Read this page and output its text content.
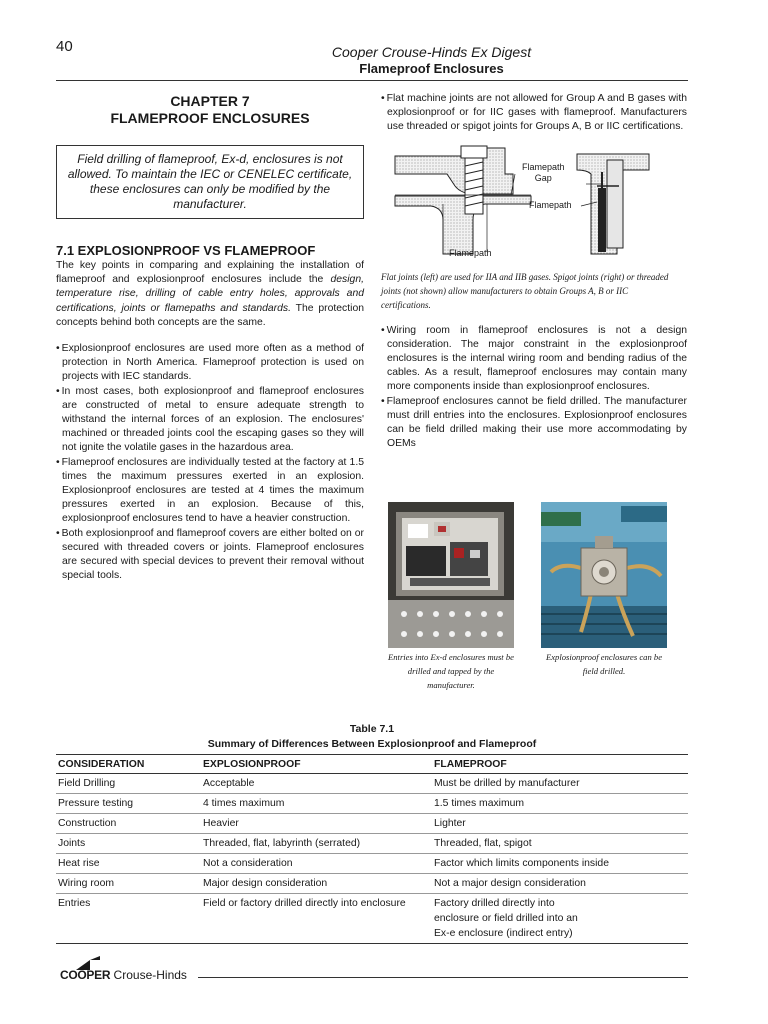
40	Cooper Crouse-Hinds Ex Digest
Flameproof Enclosures
CHAPTER 7
FLAMEPROOF ENCLOSURES
Field drilling of flameproof, Ex-d, enclosures is not allowed. To maintain the IEC or CENELEC certificate, these enclosures can only be modified by the manufacturer.
7.1 EXPLOSIONPROOF VS FLAMEPROOF

The key points in comparing and explaining the installation of flameproof and explosionproof enclosures include the design, temperature rise, drilling of cable entry holes, approvals and certifications, joints or flamepaths and standards. The protection concepts behind both concepts are the same.

• Explosionproof enclosures are used more often as a method of protection in North America. Flameproof protection is used on projects with IEC standards.
• In most cases, both explosionproof and flameproof enclosures are constructed of metal to ensure adequate strength to withstand the internal forces of an explosion. The enclosures' machined or threaded joints cool the escaping gases so they will not ignite the volatile gases in the hazardous area.
• Flameproof enclosures are individually tested at the factory at 1.5 times the maximum pressures exerted in an explosion. Explosionproof enclosures are tested at 4 times the maximum pressures exerted in an explosion. Because of this, explosionproof enclosures tend to have a heavier construction.
• Both explosionproof and flameproof covers are either bolted on or secured with threaded covers or joints. Flameproof enclosures are secured with special devices to prevent their removal without special tools.
• Flat machine joints are not allowed for Group A and B gases with explosionproof or for IIC gases with flameproof. Manufacturers use threaded or spigot joints for Groups A, B or IIC certifications.
Flamepath
Gap
Flamepath
Flamepath

Flat joints (left) are used for IIA and IIB gases. Spigot joints (right) or threaded joints (not shown) allow manufacturers to obtain Groups A, B or IIC certifications.

• Wiring room in flameproof enclosures is not a design consideration. The major constraint in the explosionproof enclosures is the internal wiring room and bending radius of the cables. As a result, flameproof enclosures may contain many more components inside than explosionproof enclosures.
• Flameproof enclosures cannot be field drilled. The manufacturer must drill entries into the enclosures. Explosionproof enclosures can be field drilled making their use more accommodating by OEMs
Entries into Ex-d enclosures must be drilled and tapped by the manufacturer.
Explosionproof enclosures can be field drilled.
Table 7.1
Summary of Differences Between Explosionproof and Flameproof
CONSIDERATION	EXPLOSIONPROOF	FLAMEPROOF
Field Drilling	Acceptable	Must be drilled by manufacturer
Pressure testing	4 times maximum	1.5 times maximum
Construction	Heavier	Lighter
Joints	Threaded, flat, labyrinth (serrated)	Threaded, flat, spigot
Heat rise	Not a consideration	Factor which limits components inside
Wiring room	Major design consideration	Not a major design consideration
Entries	Field or factory drilled directly into enclosure	Factory drilled directly into
enclosure or field drilled into an
Ex-e enclosure (indirect entry)
COOPER Crouse-Hinds
